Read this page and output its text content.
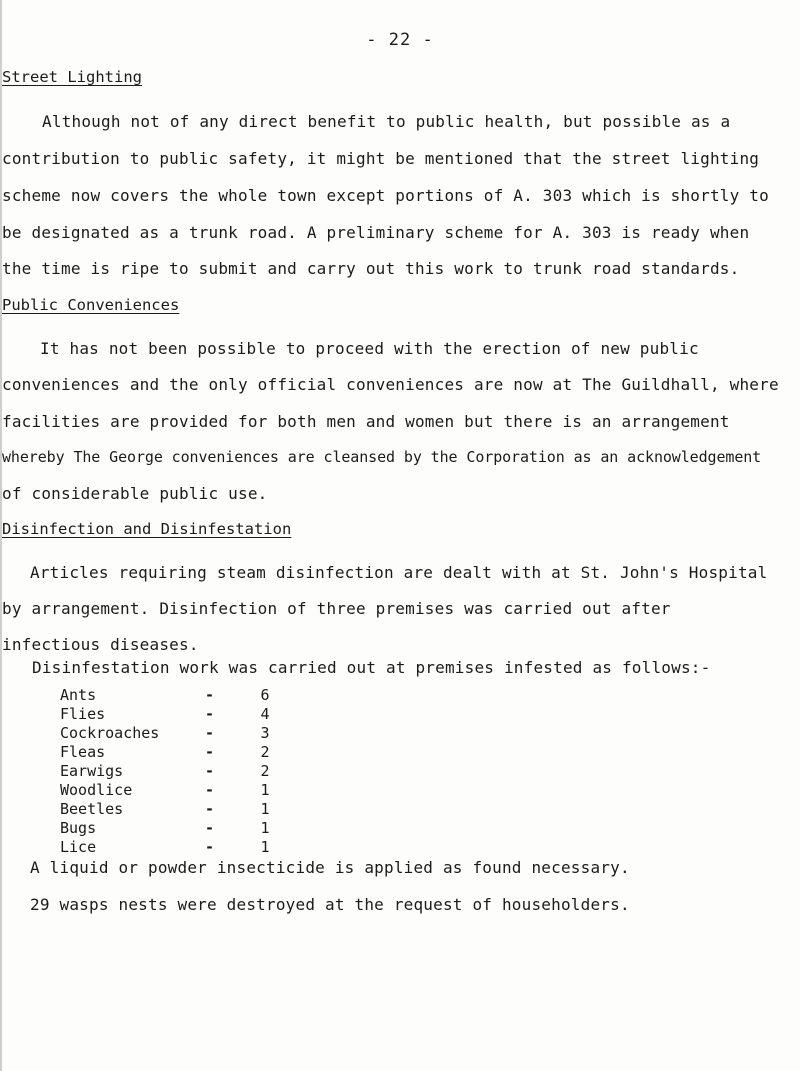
- 22 -
Street Lighting
Although not of any direct benefit to public health, but possible as a
contribution to public safety, it might be mentioned that the street lighting
scheme now covers the whole town except portions of A. 303 which is shortly to
be designated as a trunk road. A preliminary scheme for A. 303 is ready when
the time is ripe to submit and carry out this work to trunk road standards.
Public Conveniences
It has not been possible to proceed with the erection of new public
conveniences and the only official conveniences are now at The Guildhall, where
facilities are provided for both men and women but there is an arrangement
whereby The George conveniences are cleansed by the Corporation as an acknowledgement
of considerable public use.
Disinfection and Disinfestation
Articles requiring steam disinfection are dealt with at St. John's Hospital
by arrangement. Disinfection of three premises was carried out after
infectious diseases.
Disinfestation work was carried out at premises infested as follows:-
Ants	-	6
Flies	-	4
Cockroaches	-	3
Fleas	-	2
Earwigs	-	2
Woodlice	-	1
Beetles	-	1
Bugs	-	1
Lice	-	1
A liquid or powder insecticide is applied as found necessary.
29 wasps nests were destroyed at the request of householders.
